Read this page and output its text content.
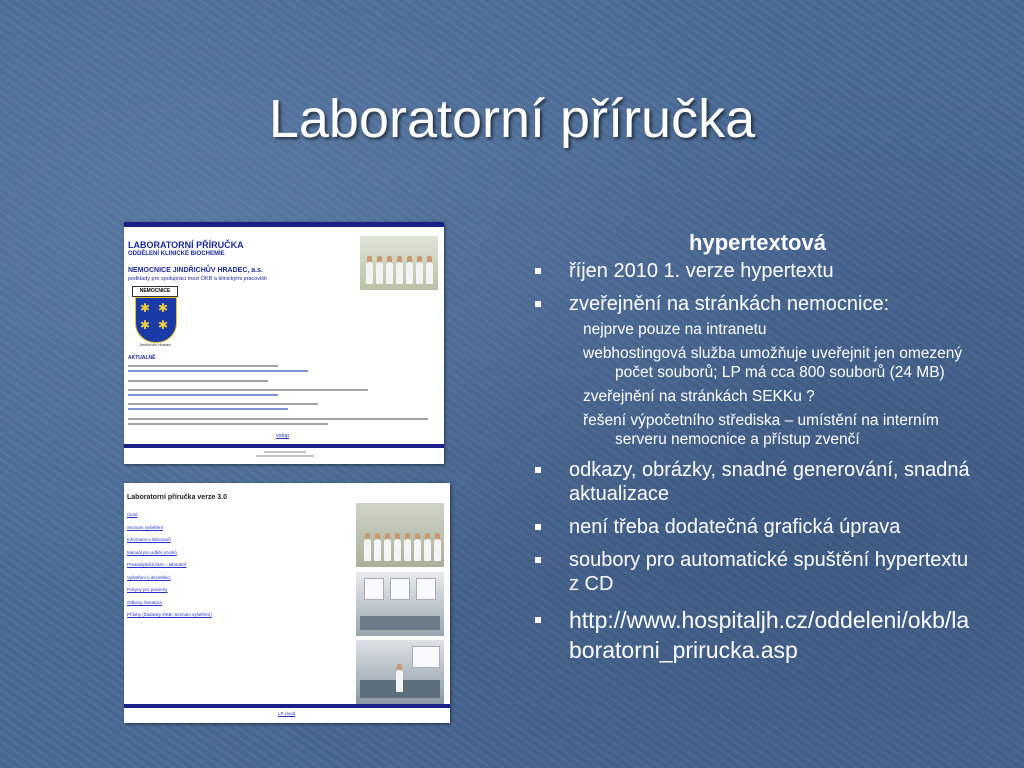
Laboratorní příručka
LABORATORNÍ PŘÍRUČKA
ODDĚLENÍ KLINICKÉ BIOCHEMIE
NEMOCNICE JINDŘICHŮV HRADEC, a.s.
podklady pro spolupráci mezi OKB a klinickými pracovišti
NEMOCNICE
✱ ✱
✱ ✱
Jindřichův Hradec
AKTUALNĚ
vstup
Laboratorní příručka verze 3.0
Úvod
Seznam vyšetření
Informace o laboratoři
Manuál pro odběr vzorků
Preanalytická fáze – laboratoř
Vyšetření v dezinfekci
Pokyny pro pacienty
Odkazy, literatura
Přílohy (Žádanky OKB, Seznam vyšetření)
LP Úvod
hypertextová
říjen 2010 1. verze hypertextu
zveřejnění na stránkách nemocnice:
nejprve pouze na intranetu
webhostingová služba umožňuje uveřejnit jen omezený počet souborů; LP má cca 800 souborů (24 MB)
zveřejnění na stránkách SEKKu ?
řešení výpočetního střediska – umístění na interním serveru nemocnice a přístup zvenčí
odkazy, obrázky, snadné generování, snadná aktualizace
není třeba dodatečná grafická úprava
soubory pro automatické spuštění hypertextu z CD
http://www.hospitaljh.cz/oddeleni/okb/laboratorni_prirucka.asp
